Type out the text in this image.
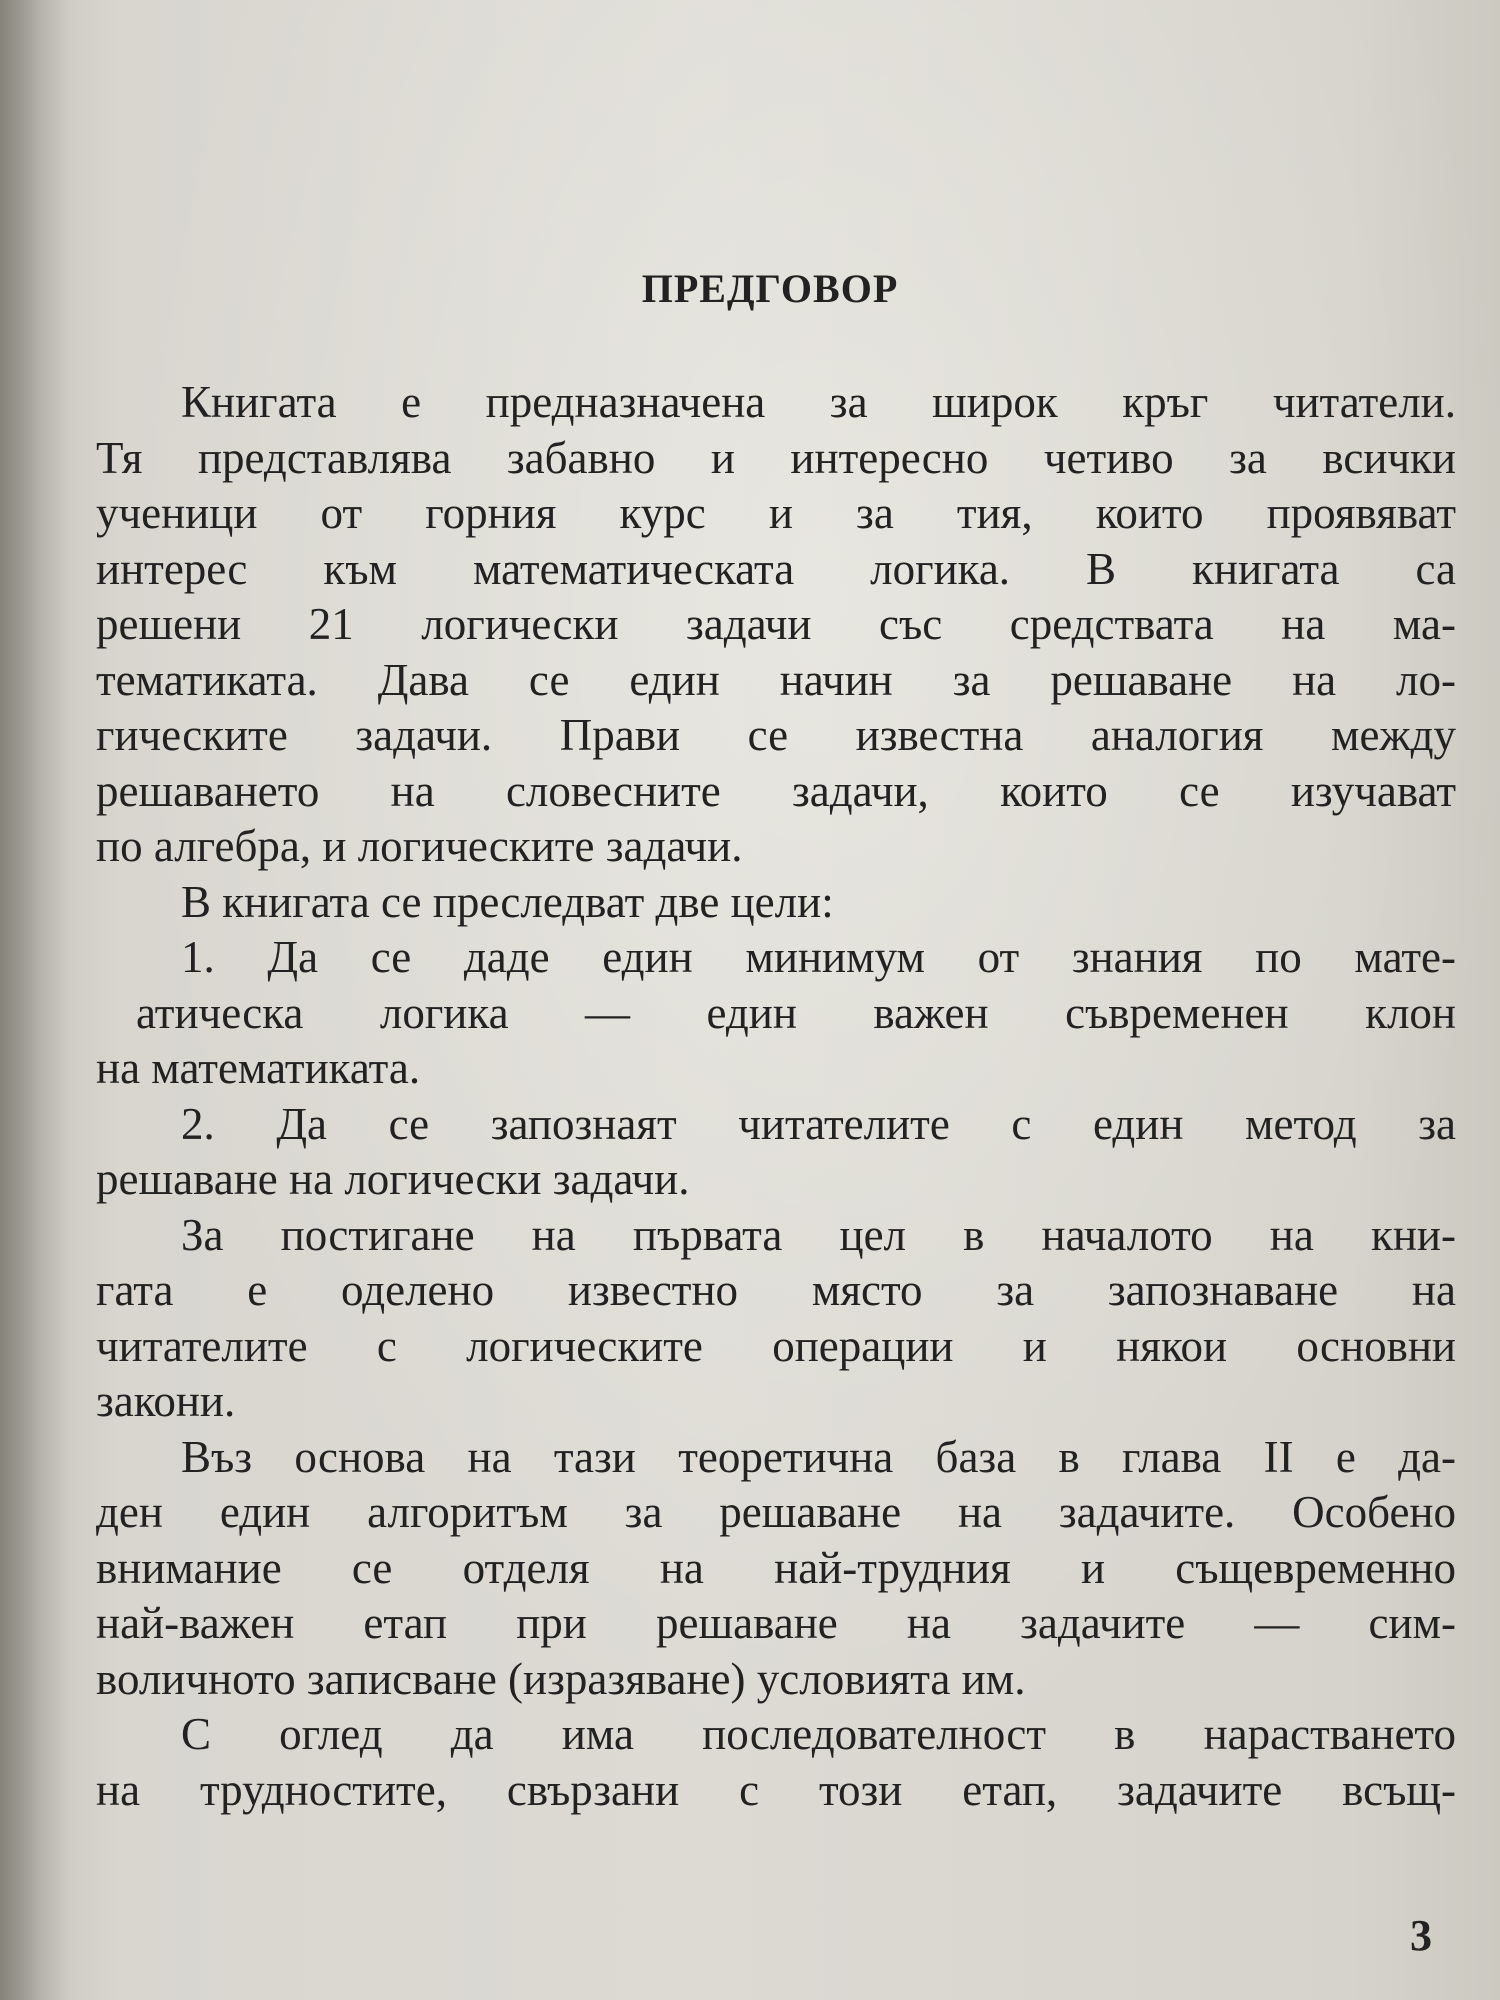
ПРЕДГОВОР
Книгата е предназначена за широк кръг читатели.
Тя представлява забавно и интересно четиво за всички
ученици от горния курс и за тия, които проявяват
интерес към математическата логика. В книгата са
решени 21 логически задачи със средствата на ма-
тематиката. Дава се един начин за решаване на ло-
гическите задачи. Прави се известна аналогия между
решаването на словесните задачи, които се изучават
по алгебра, и логическите задачи.
В книгата се преследват две цели:
1. Да се даде един минимум от знания по мате-
атическа логика — един важен съвременен клон
на математиката.
2. Да се запознаят читателите с един метод за
решаване на логически задачи.
За постигане на първата цел в началото на кни-
гата е оделено известно място за запознаване на
читателите с логическите операции и някои основни
закони.
Въз основа на тази теоретична база в глава II е да-
ден един алгоритъм за решаване на задачите. Особено
внимание се отделя на най-трудния и същевременно
най-важен етап при решаване на задачите — сим-
воличното записване (изразяване) условията им.
С оглед да има последователност в нарастването
на трудностите, свързани с този етап, задачите всъщ-
3
